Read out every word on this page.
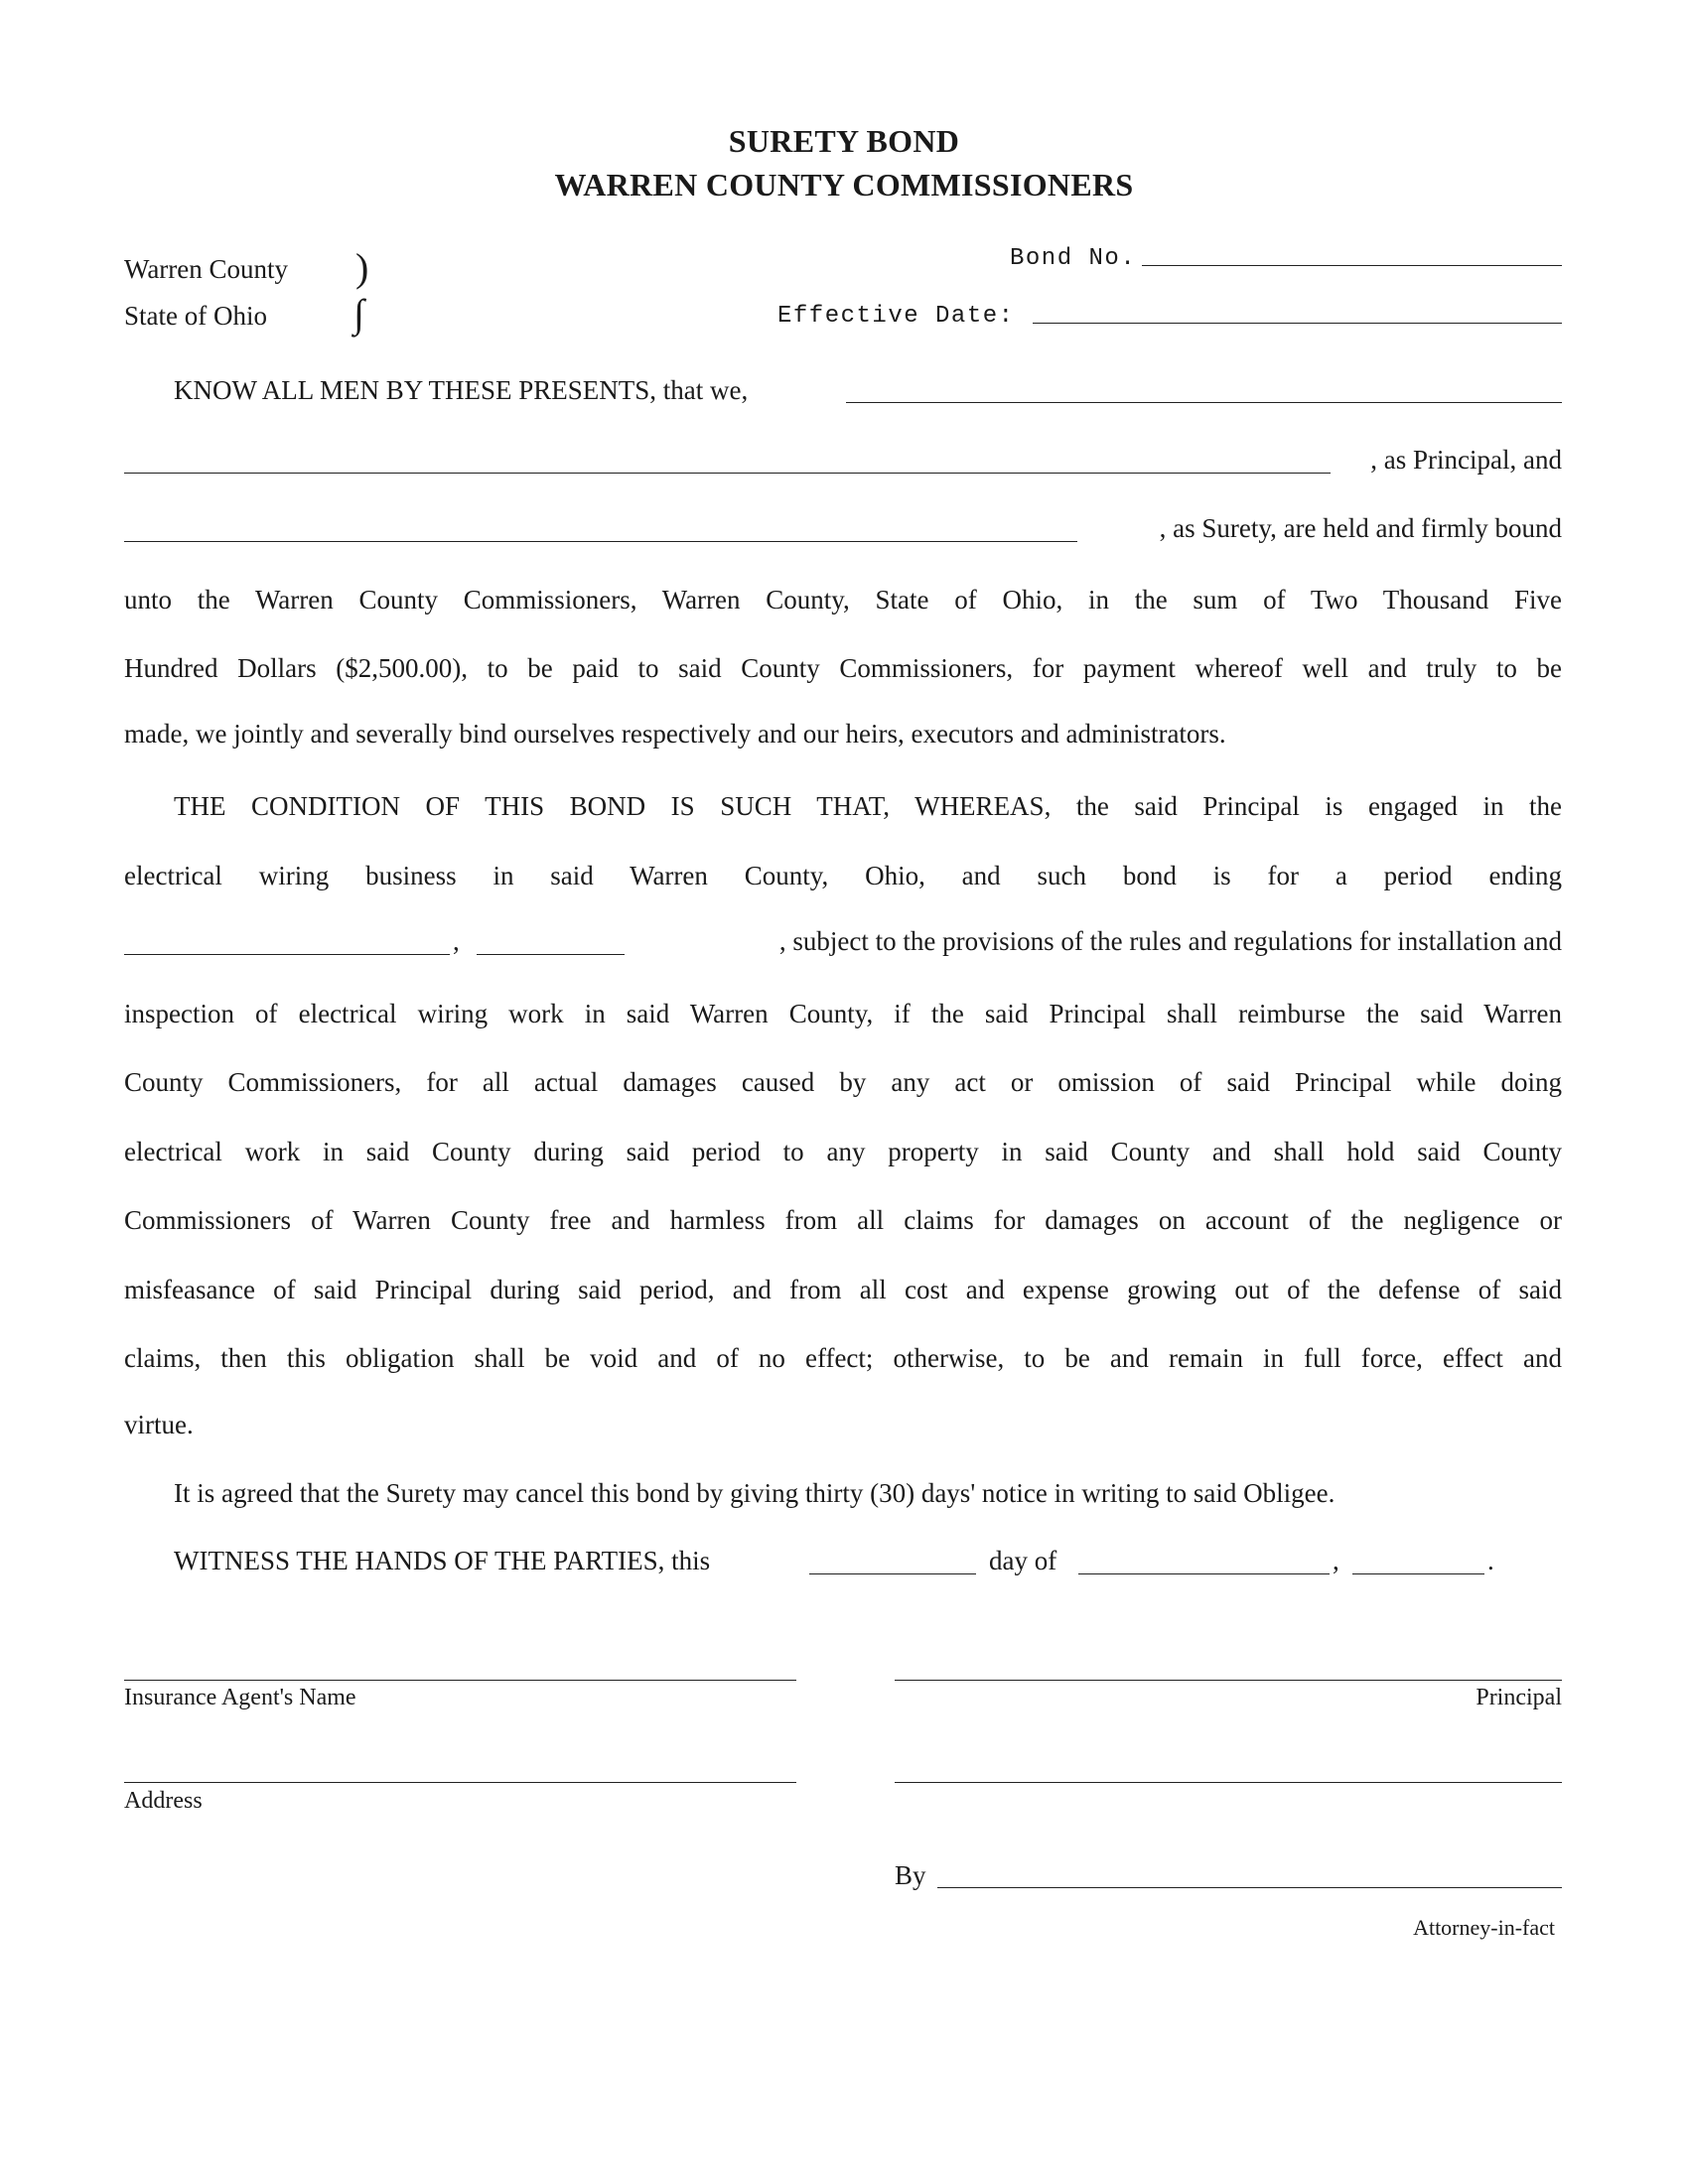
SURETY BOND
WARREN COUNTY COMMISSIONERS
Warren County
State of Ohio
)
∫
Bond No.
Effective Date:
KNOW ALL MEN BY THESE PRESENTS, that we,
, as Principal, and
, as Surety, are held and firmly bound
unto the Warren County Commissioners, Warren County, State of Ohio, in the sum of Two Thousand Five
Hundred Dollars ($2,500.00), to be paid to said County Commissioners, for payment whereof well and truly to be
made, we jointly and severally bind ourselves respectively and our heirs, executors and administrators.
THE CONDITION OF THIS BOND IS SUCH THAT, WHEREAS, the said Principal is engaged in the
electrical wiring business in said Warren County, Ohio, and such bond is for a period ending
,	, subject to the provisions of the rules and regulations for installation and
inspection of electrical wiring work in said Warren County, if the said Principal shall reimburse the said Warren
County Commissioners, for all actual damages caused by any act or omission of said Principal while doing
electrical work in said County during said period to any property in said County and shall hold said County
Commissioners of Warren County free and harmless from all claims for damages on account of the negligence or
misfeasance of said Principal during said period, and from all cost and expense growing out of the defense of said
claims, then this obligation shall be void and of no effect; otherwise, to be and remain in full force, effect and
virtue.
It is agreed that the Surety may cancel this bond by giving thirty (30) days' notice in writing to said Obligee.
WITNESS THE HANDS OF THE PARTIES, this	day of	,	.
Insurance Agent's Name	Principal
Address
By
Attorney-in-fact
